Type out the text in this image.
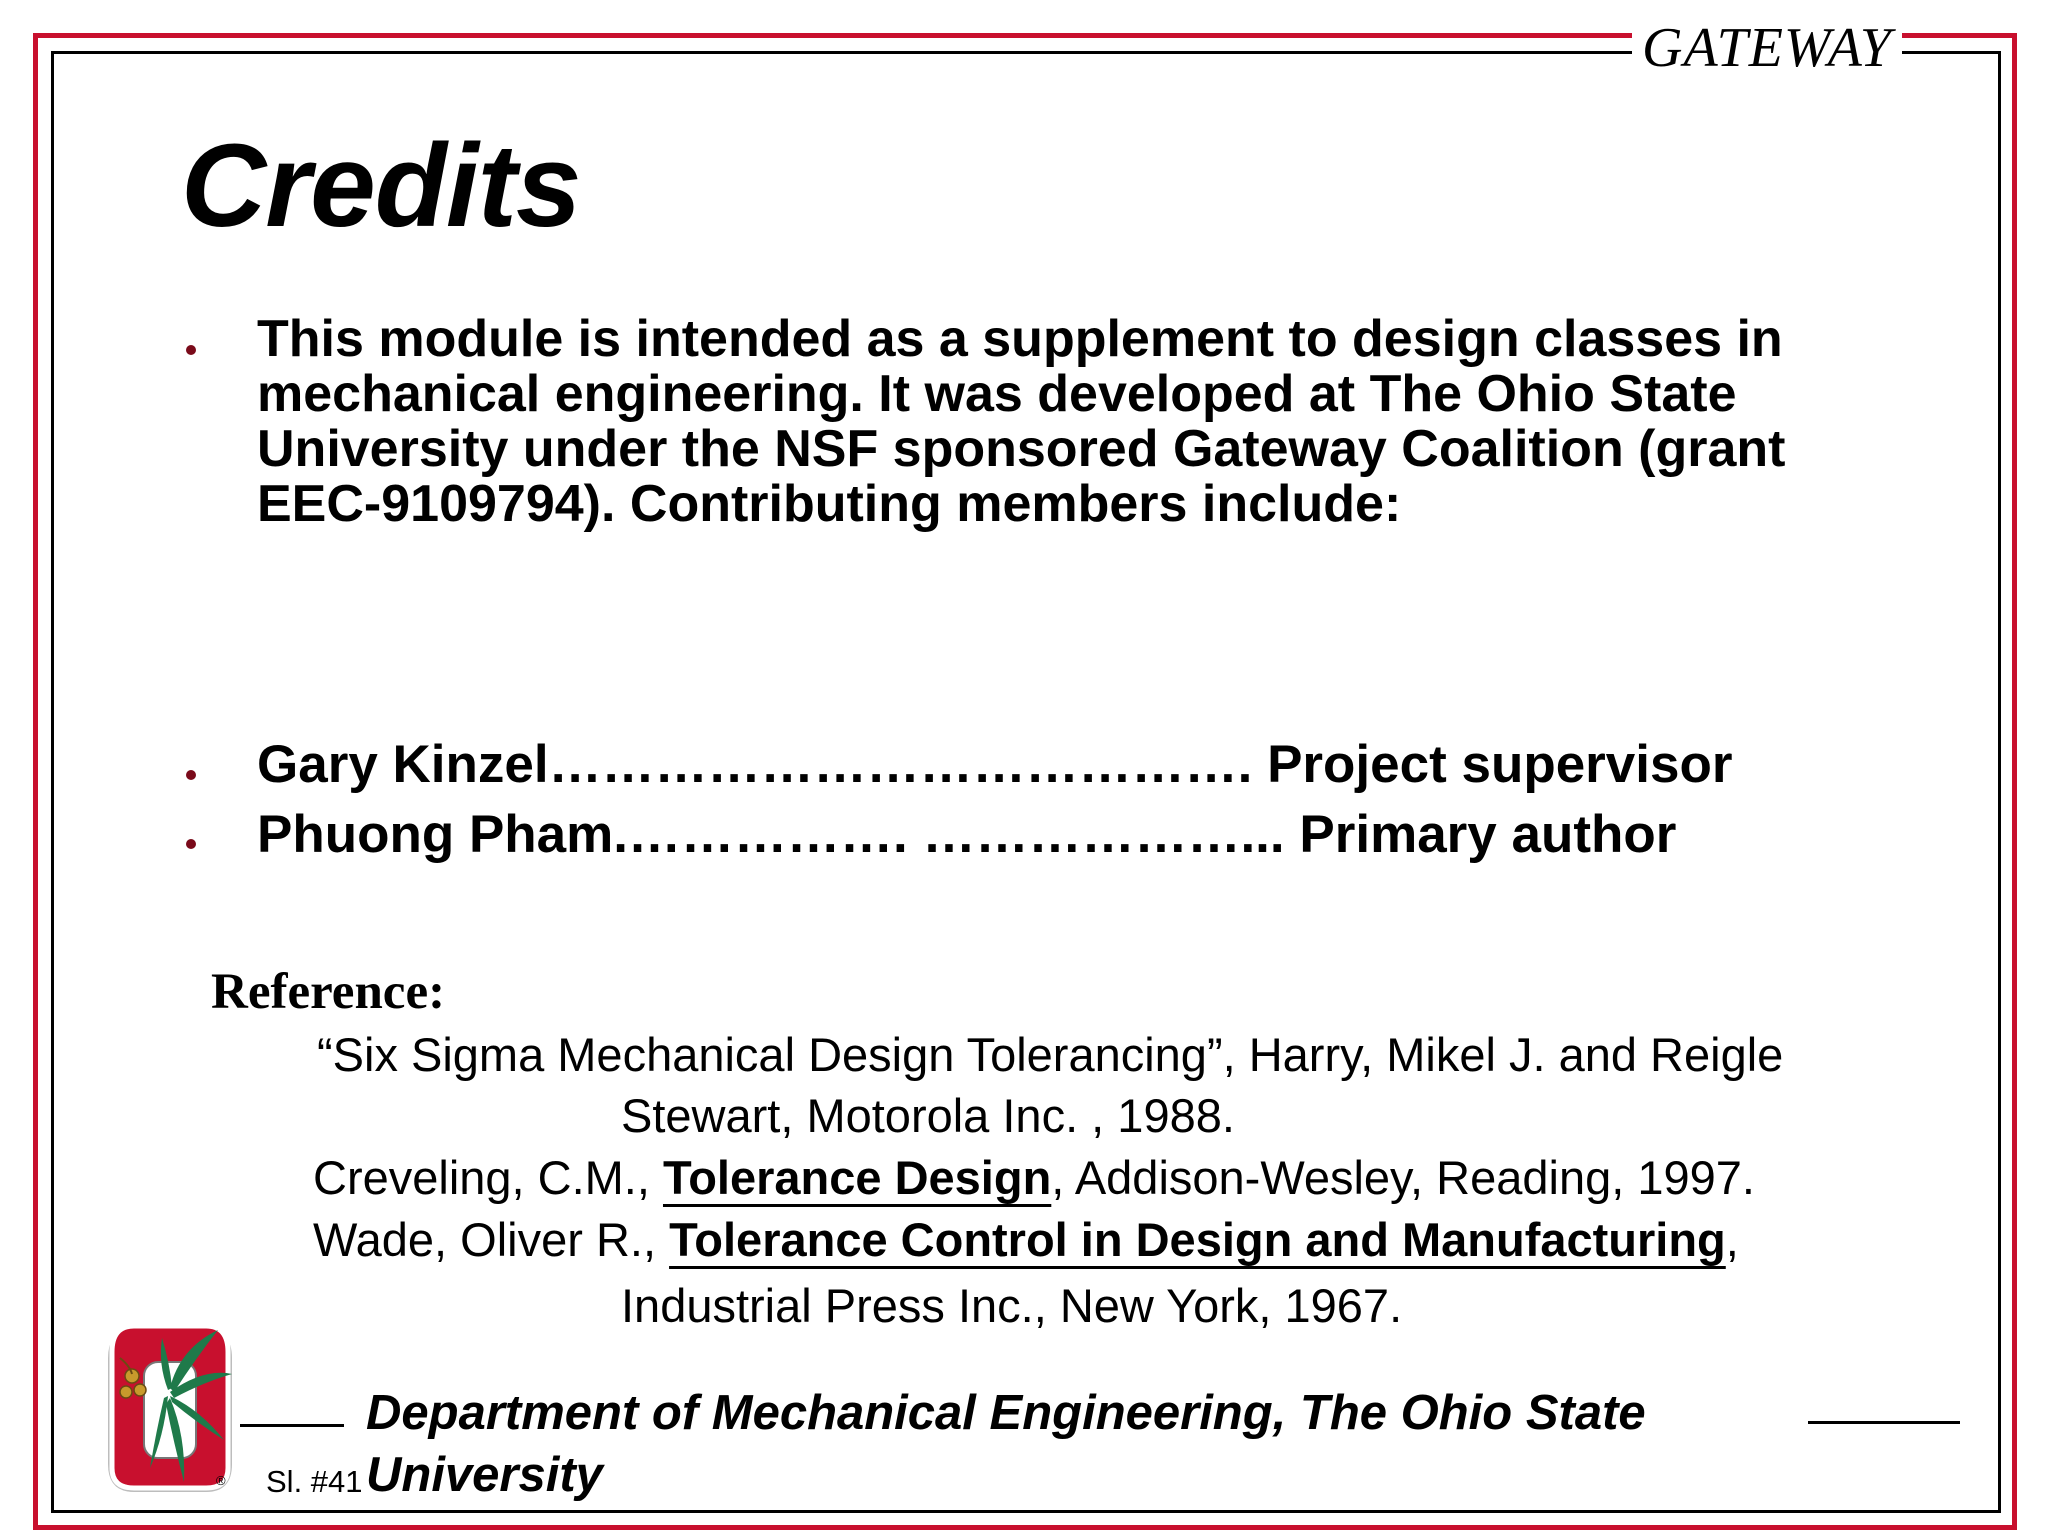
GATEWAY
Credits

This module is intended as a supplement to design classes in mechanical engineering. It was developed at The Ohio State University under the NSF sponsored Gateway Coalition (grant EEC-9109794). Contributing members include:

Gary Kinzel…………………………………. Project supervisor
Phuong Pham.……………. ………………... Primary author
Reference:
“Six Sigma Mechanical Design Tolerancing”, Harry, Mikel J. and Reigle
Stewart, Motorola Inc. , 1988.
Creveling, C.M., Tolerance Design, Addison-Wesley, Reading, 1997.
Wade, Oliver R., Tolerance Control in Design and Manufacturing,
Industrial Press Inc., New York, 1967.
®

Department of Mechanical Engineering, The Ohio State University

Sl. #41
